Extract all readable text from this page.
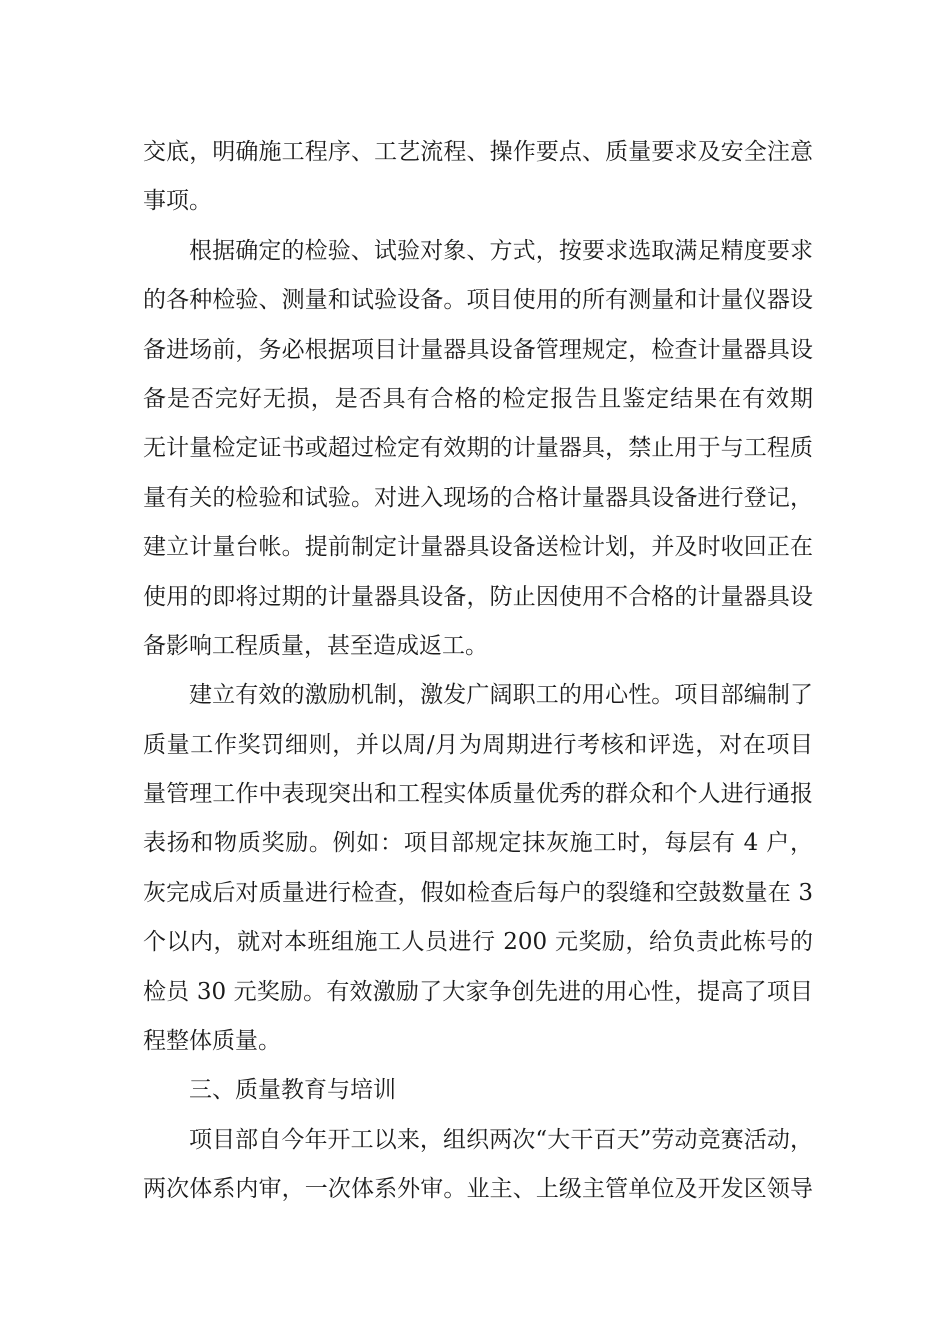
交底，明确施工程序、工艺流程、操作要点、质量要求及安全注意
事项。
根据确定的检验、试验对象、方式，按要求选取满足精度要求
的各种检验、测量和试验设备。项目使用的所有测量和计量仪器设
备进场前，务必根据项目计量器具设备管理规定，检查计量器具设
备是否完好无损，是否具有合格的检定报告且鉴定结果在有效期
无计量检定证书或超过检定有效期的计量器具，禁止用于与工程质
量有关的检验和试验。对进入现场的合格计量器具设备进行登记，
建立计量台帐。提前制定计量器具设备送检计划，并及时收回正在
使用的即将过期的计量器具设备，防止因使用不合格的计量器具设
备影响工程质量，甚至造成返工。
建立有效的激励机制，激发广阔职工的用心性。项目部编制了
质量工作奖罚细则，并以周/月为周期进行考核和评选，对在项目
量管理工作中表现突出和工程实体质量优秀的群众和个人进行通报
表扬和物质奖励。例如：项目部规定抹灰施工时，每层有 4 户，
灰完成后对质量进行检查，假如检查后每户的裂缝和空鼓数量在 3
个以内，就对本班组施工人员进行 200 元奖励，给负责此栋号的
检员 30 元奖励。有效激励了大家争创先进的用心性，提高了项目
程整体质量。
三、质量教育与培训
项目部自今年开工以来，组织两次“大干百天”劳动竞赛活动，
两次体系内审，一次体系外审。业主、上级主管单位及开发区领导
